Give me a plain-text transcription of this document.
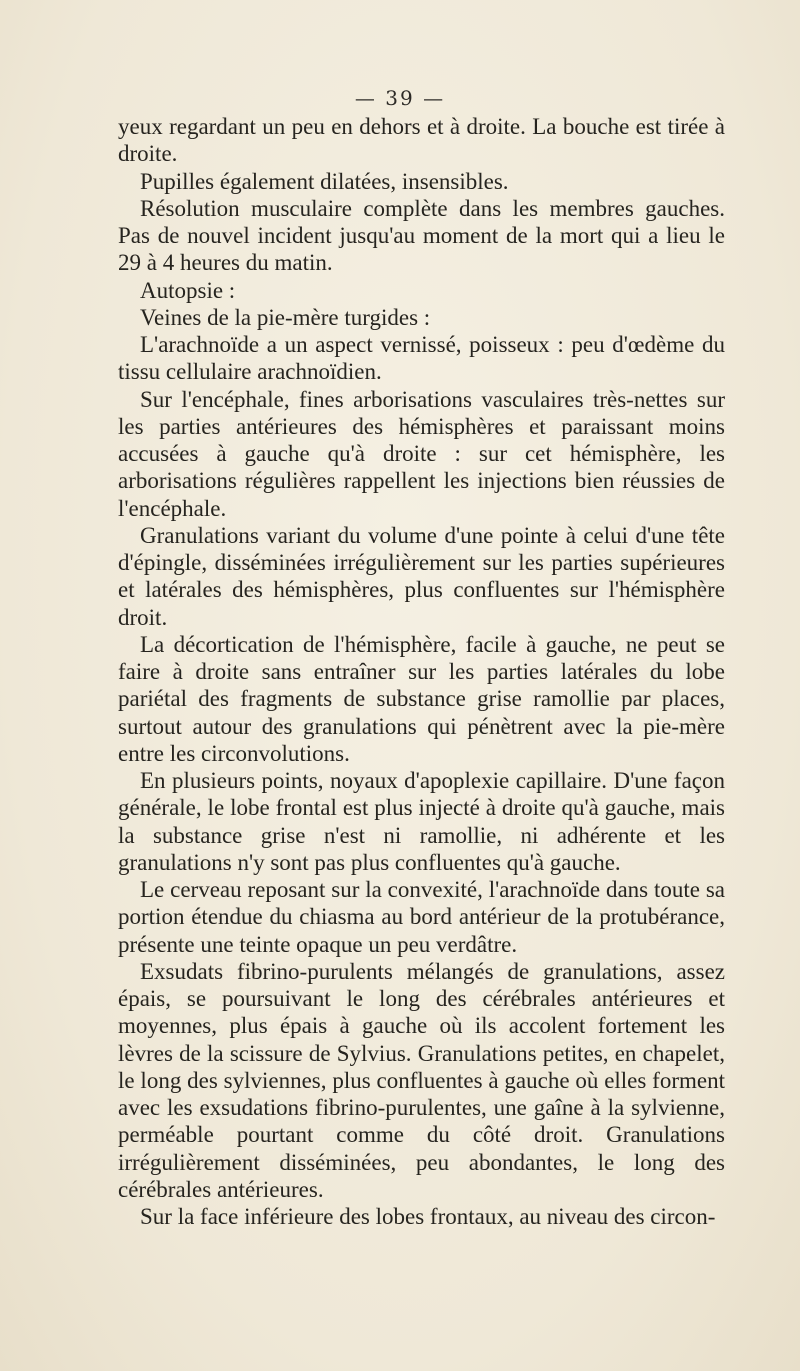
— 39 —

yeux regardant un peu en dehors et à droite. La bouche est tirée à droite.

Pupilles également dilatées, insensibles.

Résolution musculaire complète dans les membres gauches. Pas de nouvel incident jusqu'au moment de la mort qui a lieu le 29 à 4 heures du matin.

Autopsie :

Veines de la pie-mère turgides :

L'arachnoïde a un aspect vernissé, poisseux : peu d'œdème du tissu cellulaire arachnoïdien.

Sur l'encéphale, fines arborisations vasculaires très-nettes sur les parties antérieures des hémisphères et paraissant moins accusées à gauche qu'à droite : sur cet hémisphère, les arborisations régulières rappellent les injections bien réussies de l'encéphale.

Granulations variant du volume d'une pointe à celui d'une tête d'épingle, disséminées irrégulièrement sur les parties supérieures et latérales des hémisphères, plus confluentes sur l'hémisphère droit.

La décortication de l'hémisphère, facile à gauche, ne peut se faire à droite sans entraîner sur les parties latérales du lobe pariétal des fragments de substance grise ramollie par places, surtout autour des granulations qui pénètrent avec la pie-mère entre les circonvolutions.

En plusieurs points, noyaux d'apoplexie capillaire. D'une façon générale, le lobe frontal est plus injecté à droite qu'à gauche, mais la substance grise n'est ni ramollie, ni adhérente et les granulations n'y sont pas plus confluentes qu'à gauche.

Le cerveau reposant sur la convexité, l'arachnoïde dans toute sa portion étendue du chiasma au bord antérieur de la protubérance, présente une teinte opaque un peu verdâtre.

Exsudats fibrino-purulents mélangés de granulations, assez épais, se poursuivant le long des cérébrales antérieures et moyennes, plus épais à gauche où ils accolent fortement les lèvres de la scissure de Sylvius. Granulations petites, en chapelet, le long des sylviennes, plus confluentes à gauche où elles forment avec les exsudations fibrino-purulentes, une gaîne à la sylvienne, perméable pourtant comme du côté droit. Granulations irrégulièrement disséminées, peu abondantes, le long des cérébrales antérieures.

Sur la face inférieure des lobes frontaux, au niveau des circon-
